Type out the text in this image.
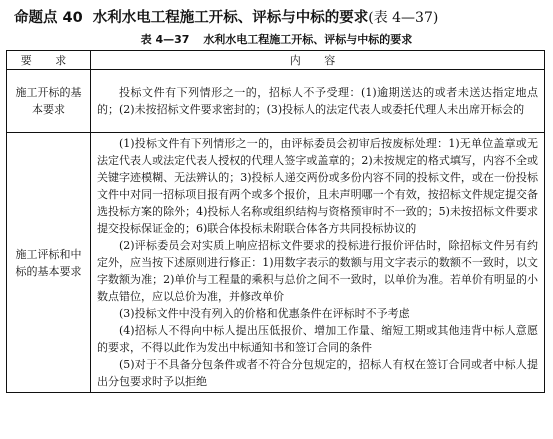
命题点 40 水利水电工程施工开标、评标与中标的要求 (表 4—37)
表 4—37 水利水电工程施工开标、评标与中标的要求
要 求	内 容
施工开标的基本要求	投标文件有下列情形之一的，招标人不予受理：(1)逾期送达的或者未送达指定地点的；(2)未按招标文件要求密封的；(3)投标人的法定代表人或委托代理人未出席开标会的

施工评标和中标的基本要求	(1)投标文件有下列情形之一的，由评标委员会初审后按废标处理：1)无单位盖章或无法定代表人或法定代表人授权的代理人签字或盖章的；2)未按规定的格式填写，内容不全或关键字迹模糊、无法辨认的；3)投标人递交两份或多份内容不同的投标文件，或在一份投标文件中对同一招标项目报有两个或多个报价，且未声明哪一个有效，按招标文件规定提交备选投标方案的除外；4)投标人名称或组织结构与资格预审时不一致的；5)未按招标文件要求提交投标保证金的；6)联合体投标未附联合体各方共同投标协议的

(2)评标委员会对实质上响应招标文件要求的投标进行报价评估时，除招标文件另有约定外，应当按下述原则进行修正：1)用数字表示的数额与用文字表示的数额不一致时，以文字数额为准；2)单价与工程量的乘积与总价之间不一致时，以单价为准。若单价有明显的小数点错位，应以总价为准，并修改单价

(3)投标文件中没有列入的价格和优惠条件在评标时不予考虑

(4)招标人不得向中标人提出压低报价、增加工作量、缩短工期或其他违背中标人意愿的要求，不得以此作为发出中标通知书和签订合同的条件

(5)对于不具备分包条件或者不符合分包规定的，招标人有权在签订合同或者中标人提出分包要求时予以拒绝
